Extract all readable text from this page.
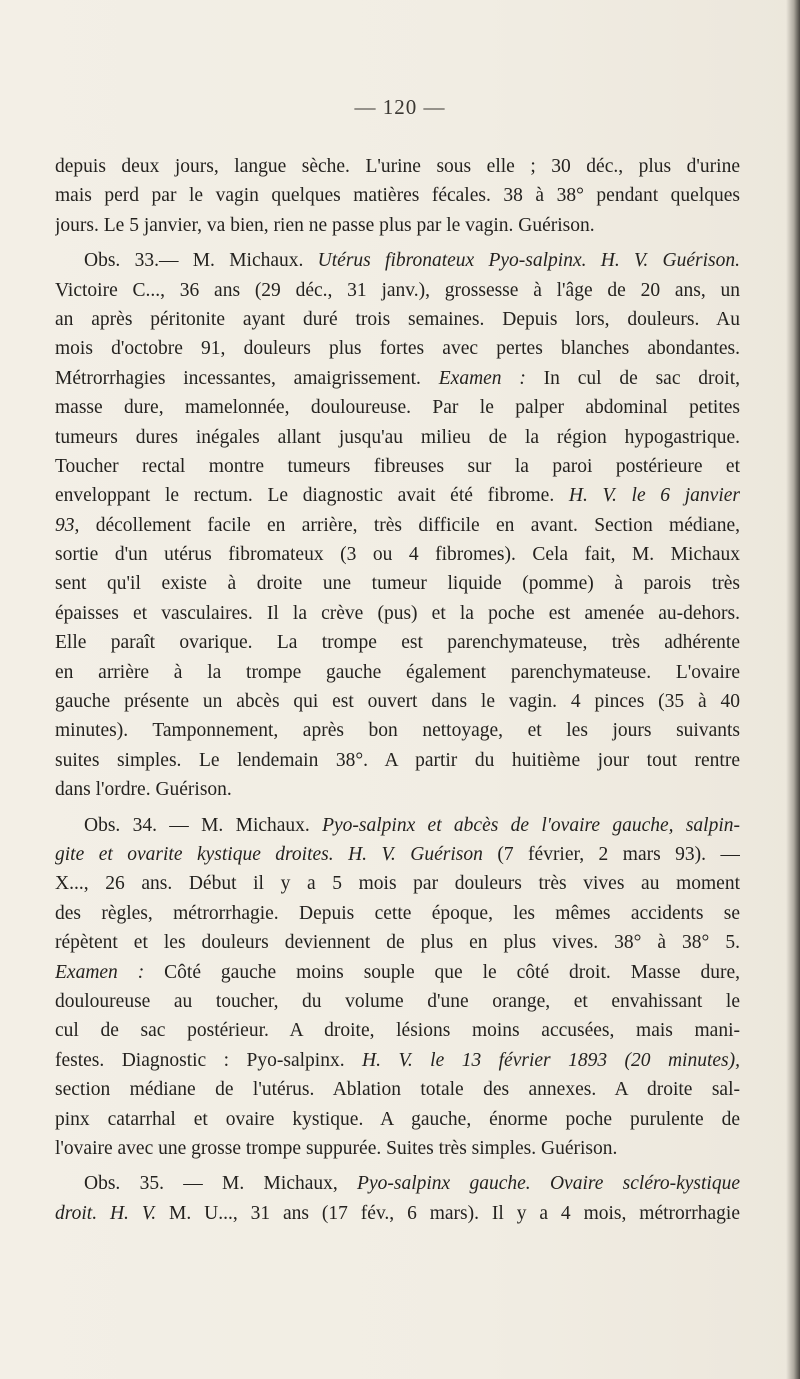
— 120 —
depuis deux jours, langue sèche. L'urine sous elle ; 30 déc., plus d'urine
mais perd par le vagin quelques matières fécales. 38 à 38° pendant quelques
jours. Le 5 janvier, va bien, rien ne passe plus par le vagin. Guérison.
Obs. 33.— M. Michaux. Utérus fibronateux Pyo-salpinx. H. V. Guérison.
Victoire C..., 36 ans (29 déc., 31 janv.), grossesse à l'âge de 20 ans, un
an après péritonite ayant duré trois semaines. Depuis lors, douleurs. Au
mois d'octobre 91, douleurs plus fortes avec pertes blanches abondantes.
Métrorrhagies incessantes, amaigrissement. Examen : In cul de sac droit,
masse dure, mamelonnée, douloureuse. Par le palper abdominal petites
tumeurs dures inégales allant jusqu'au milieu de la région hypogastrique.
Toucher rectal montre tumeurs fibreuses sur la paroi postérieure et
enveloppant le rectum. Le diagnostic avait été fibrome. H. V. le 6 janvier
93, décollement facile en arrière, très difficile en avant. Section médiane,
sortie d'un utérus fibromateux (3 ou 4 fibromes). Cela fait, M. Michaux
sent qu'il existe à droite une tumeur liquide (pomme) à parois très
épaisses et vasculaires. Il la crève (pus) et la poche est amenée au-dehors.
Elle paraît ovarique. La trompe est parenchymateuse, très adhérente
en arrière à la trompe gauche également parenchymateuse. L'ovaire
gauche présente un abcès qui est ouvert dans le vagin. 4 pinces (35 à 40
minutes). Tamponnement, après bon nettoyage, et les jours suivants
suites simples. Le lendemain 38°. A partir du huitième jour tout rentre
dans l'ordre. Guérison.
Obs. 34. — M. Michaux. Pyo-salpinx et abcès de l'ovaire gauche, salpin-
gite et ovarite kystique droites. H. V. Guérison (7 février, 2 mars 93). —
X..., 26 ans. Début il y a 5 mois par douleurs très vives au moment
des règles, métrorrhagie. Depuis cette époque, les mêmes accidents se
répètent et les douleurs deviennent de plus en plus vives. 38° à 38° 5.
Examen : Côté gauche moins souple que le côté droit. Masse dure,
douloureuse au toucher, du volume d'une orange, et envahissant le
cul de sac postérieur. A droite, lésions moins accusées, mais mani-
festes. Diagnostic : Pyo-salpinx. H. V. le 13 février 1893 (20 minutes),
section médiane de l'utérus. Ablation totale des annexes. A droite sal-
pinx catarrhal et ovaire kystique. A gauche, énorme poche purulente de
l'ovaire avec une grosse trompe suppurée. Suites très simples. Guérison.
Obs. 35. — M. Michaux, Pyo-salpinx gauche. Ovaire scléro-kystique
droit. H. V. M. U..., 31 ans (17 fév., 6 mars). Il y a 4 mois, métrorrhagie
